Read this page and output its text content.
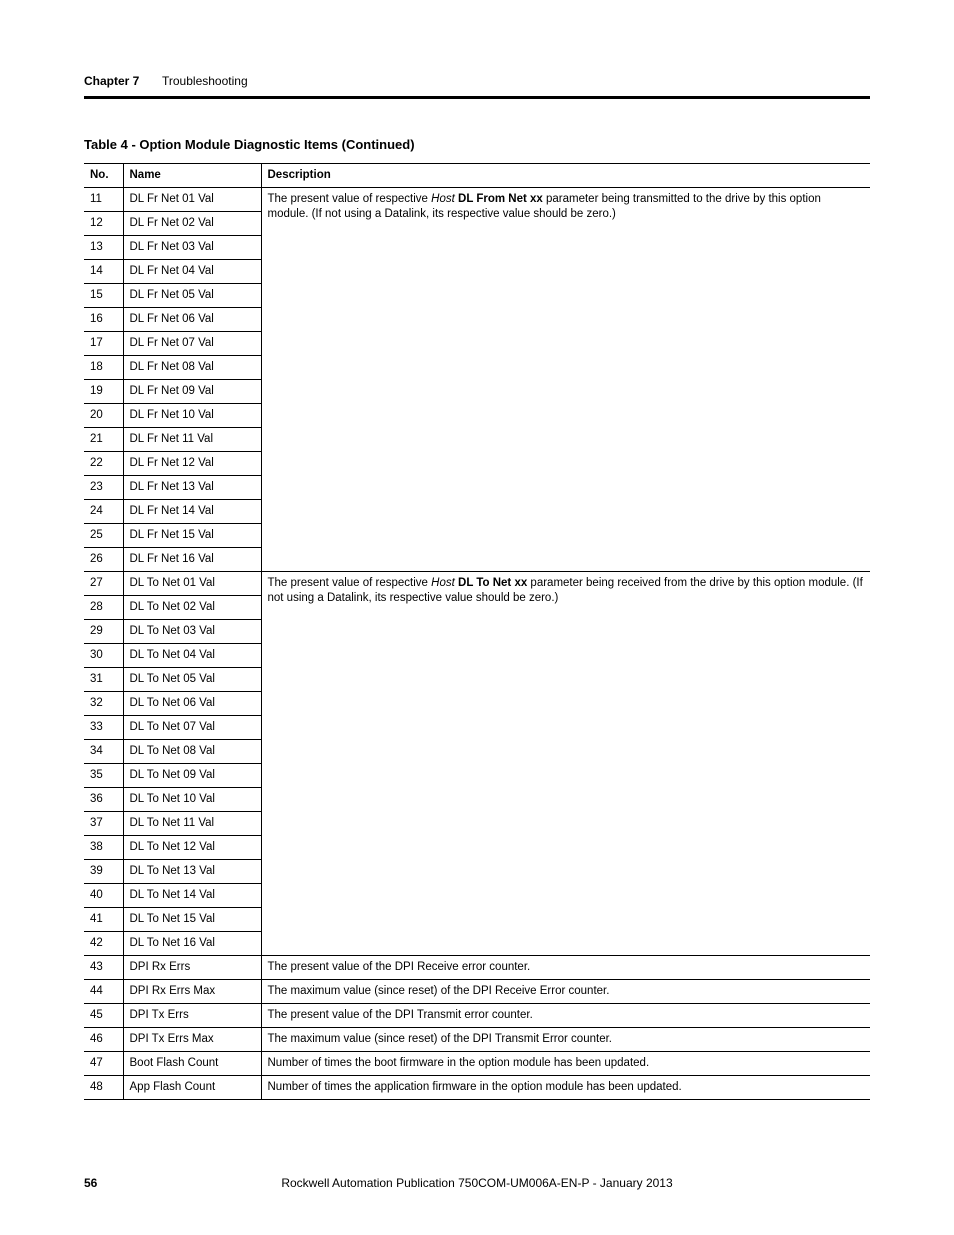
Chapter 7 Troubleshooting
Table 4 - Option Module Diagnostic Items (Continued)
No.	Name	Description
11	DL Fr Net 01 Val	The present value of respective Host DL From Net xx parameter being transmitted to the drive by this option module. (If not using a Datalink, its respective value should be zero.)
12	DL Fr Net 02 Val	
13	DL Fr Net 03 Val	
14	DL Fr Net 04 Val	
15	DL Fr Net 05 Val	
16	DL Fr Net 06 Val	
17	DL Fr Net 07 Val	
18	DL Fr Net 08 Val	
19	DL Fr Net 09 Val	
20	DL Fr Net 10 Val	
21	DL Fr Net 11 Val	
22	DL Fr Net 12 Val	
23	DL Fr Net 13 Val	
24	DL Fr Net 14 Val	
25	DL Fr Net 15 Val	
26	DL Fr Net 16 Val	
27	DL To Net 01 Val	The present value of respective Host DL To Net xx parameter being received from the drive by this option module. (If not using a Datalink, its respective value should be zero.)
28	DL To Net 02 Val	
29	DL To Net 03 Val	
30	DL To Net 04 Val	
31	DL To Net 05 Val	
32	DL To Net 06 Val	
33	DL To Net 07 Val	
34	DL To Net 08 Val	
35	DL To Net 09 Val	
36	DL To Net 10 Val	
37	DL To Net 11 Val	
38	DL To Net 12 Val	
39	DL To Net 13 Val	
40	DL To Net 14 Val	
41	DL To Net 15 Val	
42	DL To Net 16 Val	
43	DPI Rx Errs	The present value of the DPI Receive error counter.
44	DPI Rx Errs Max	The maximum value (since reset) of the DPI Receive Error counter.
45	DPI Tx Errs	The present value of the DPI Transmit error counter.
46	DPI Tx Errs Max	The maximum value (since reset) of the DPI Transmit Error counter.
47	Boot Flash Count	Number of times the boot firmware in the option module has been updated.
48	App Flash Count	Number of times the application firmware in the option module has been updated.
56	Rockwell Automation Publication 750COM-UM006A-EN-P - January 2013
